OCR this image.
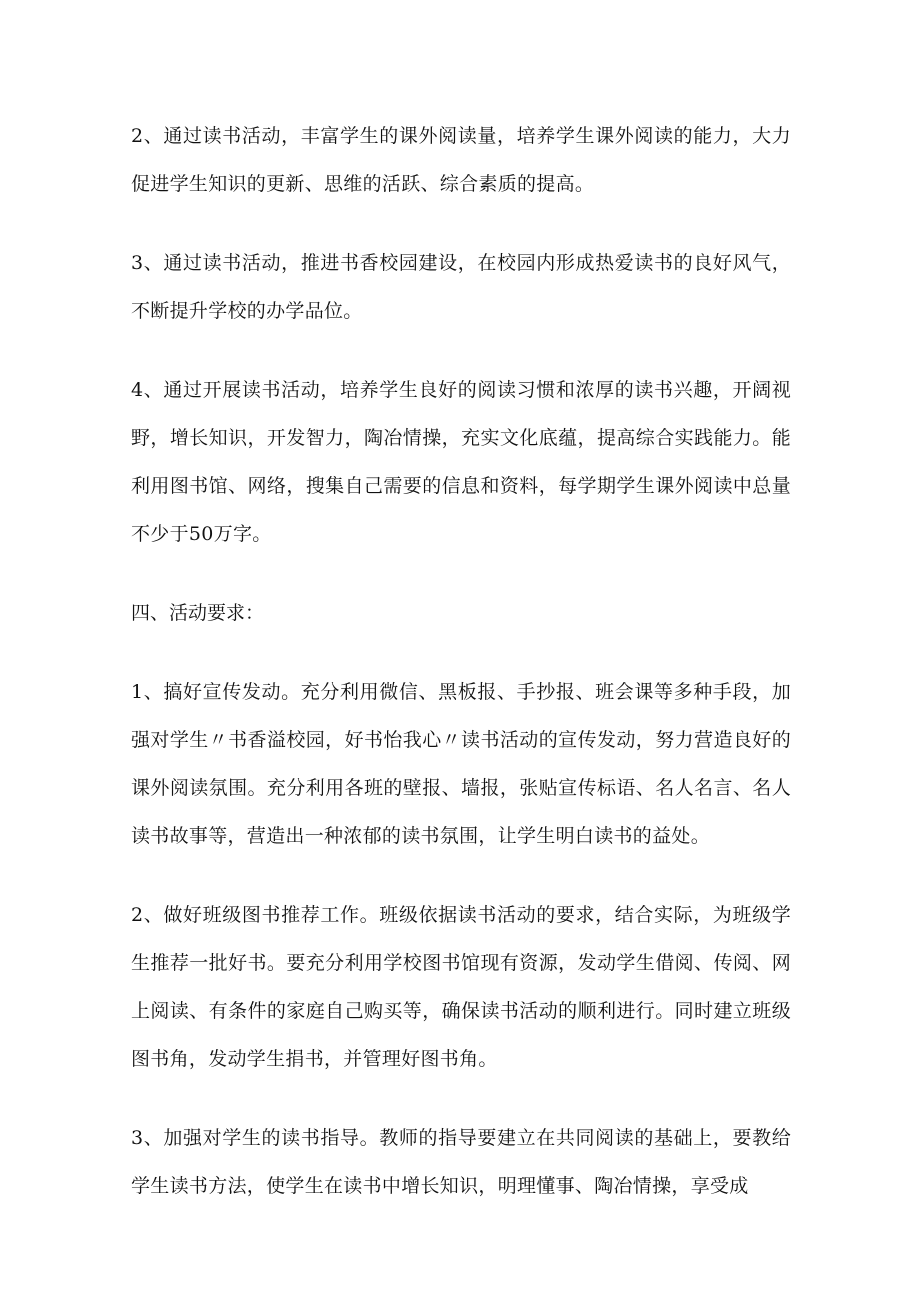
2、通过读书活动，丰富学生的课外阅读量，培养学生课外阅读的能力，大力促进学生知识的更新、思维的活跃、综合素质的提高。

3、通过读书活动，推进书香校园建设，在校园内形成热爱读书的良好风气，不断提升学校的办学品位。

4、通过开展读书活动，培养学生良好的阅读习惯和浓厚的读书兴趣，开阔视野，增长知识，开发智力，陶冶情操，充实文化底蕴，提高综合实践能力。能利用图书馆、网络，搜集自己需要的信息和资料，每学期学生课外阅读中总量不少于50万字。

四、活动要求：

1、搞好宣传发动。充分利用微信、黑板报、手抄报、班会课等多种手段，加强对学生〃书香溢校园，好书怡我心〃读书活动的宣传发动，努力营造良好的课外阅读氛围。充分利用各班的壁报、墙报，张贴宣传标语、名人名言、名人读书故事等，营造出一种浓郁的读书氛围，让学生明白读书的益处。

2、做好班级图书推荐工作。班级依据读书活动的要求，结合实际，为班级学生推荐一批好书。要充分利用学校图书馆现有资源，发动学生借阅、传阅、网上阅读、有条件的家庭自己购买等，确保读书活动的顺利进行。同时建立班级图书角，发动学生捐书，并管理好图书角。

3、加强对学生的读书指导。教师的指导要建立在共同阅读的基础上，要教给学生读书方法，使学生在读书中增长知识，明理懂事、陶冶情操，享受成
